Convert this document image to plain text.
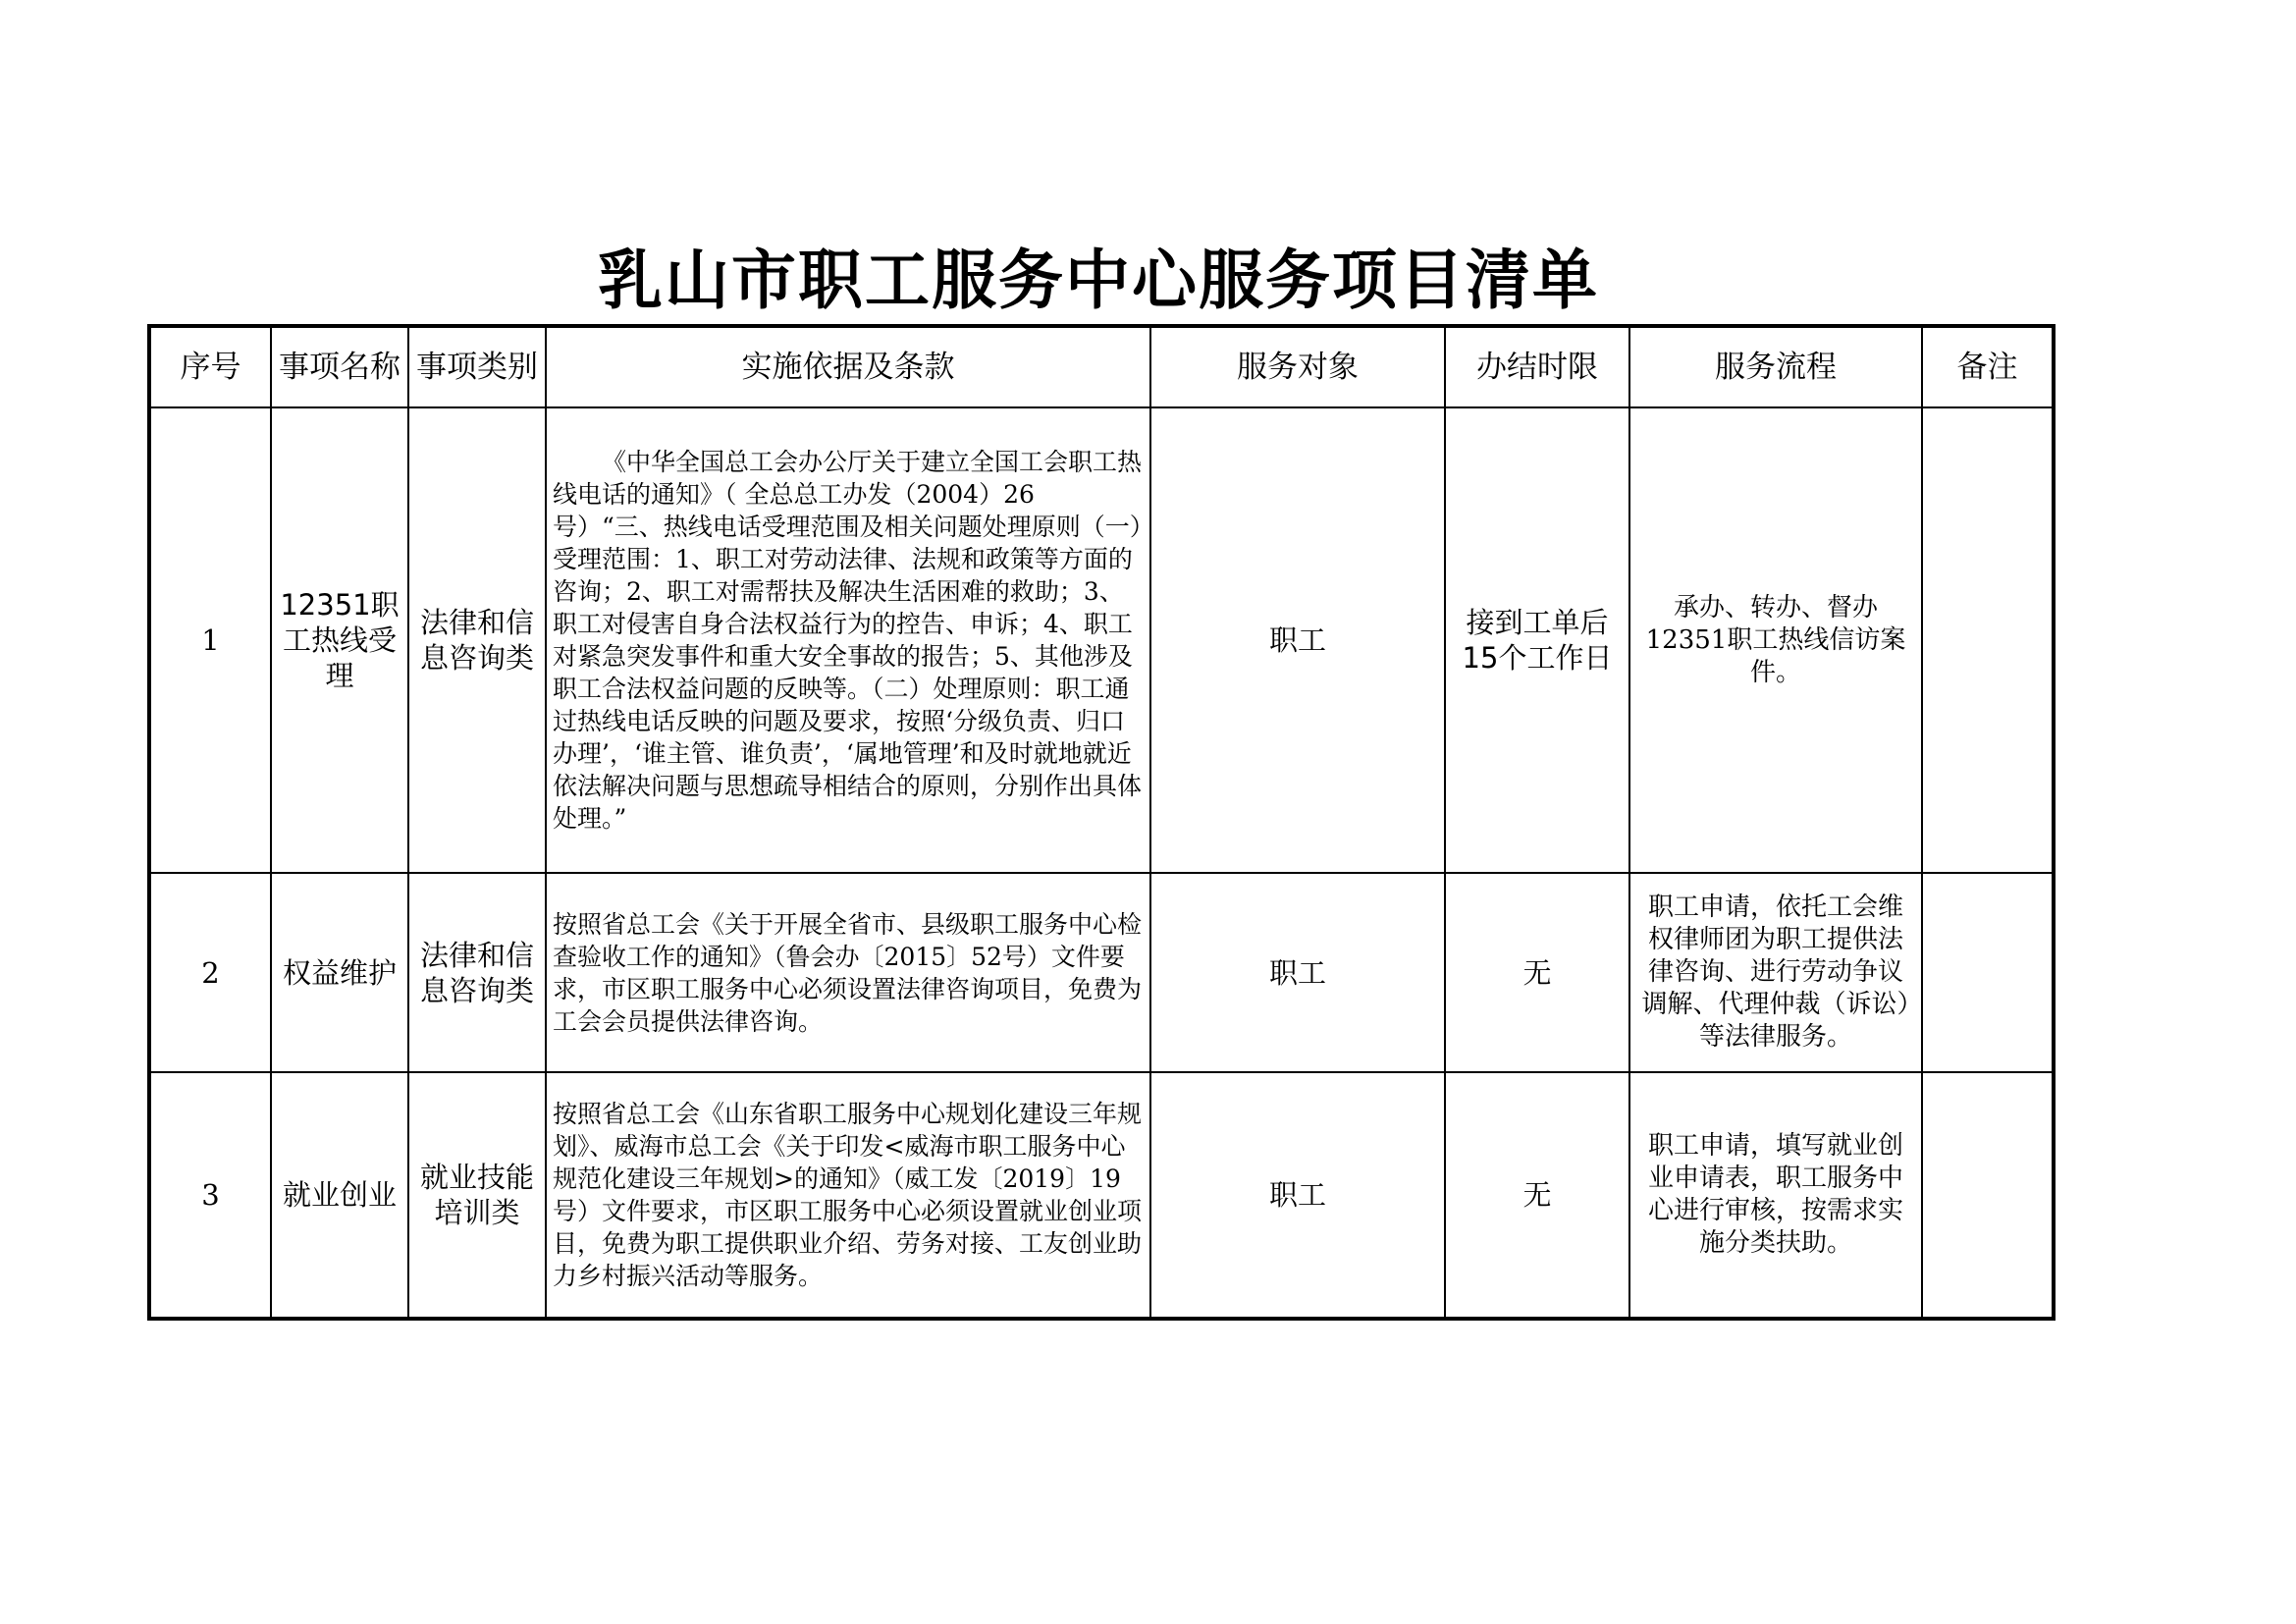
乳山市职工服务中心服务项目清单
序号	事项名称	事项类别	实施依据及条款	服务对象	办结时限	服务流程	备注
1	12351职工热线受理	法律和信息咨询类	《中华全国总工会办公厅关于建立全国工会职工热线电话的通知》（ 全总总工办发（2004）26号）“三、热线电话受理范围及相关问题处理原则（一）受理范围：1、职工对劳动法律、法规和政策等方面的咨询；2、职工对需帮扶及解决生活困难的救助；3、职工对侵害自身合法权益行为的控告、申诉；4、职工对紧急突发事件和重大安全事故的报告；5、其他涉及职工合法权益问题的反映等。（二）处理原则：职工通过热线电话反映的问题及要求，按照‘分级负责、归口办理’，‘谁主管、谁负责’，‘属地管理’和及时就地就近依法解决问题与思想疏导相结合的原则，分别作出具体处理。”	职工	接到工单后15个工作日	承办、转办、督办12351职工热线信访案件。	
2	权益维护	法律和信息咨询类	按照省总工会《关于开展全省市、县级职工服务中心检查验收工作的通知》（鲁会办〔2015〕52号）文件要求，市区职工服务中心必须设置法律咨询项目，免费为工会会员提供法律咨询。	职工	无	职工申请，依托工会维权律师团为职工提供法律咨询、进行劳动争议调解、代理仲裁（诉讼）等法律服务。	
3	就业创业	就业技能培训类	按照省总工会《山东省职工服务中心规划化建设三年规划》、威海市总工会《关于印发<威海市职工服务中心规范化建设三年规划>的通知》（威工发〔2019〕19号）文件要求，市区职工服务中心必须设置就业创业项目，免费为职工提供职业介绍、劳务对接、工友创业助力乡村振兴活动等服务。	职工	无	职工申请，填写就业创业申请表，职工服务中心进行审核，按需求实施分类扶助。	
